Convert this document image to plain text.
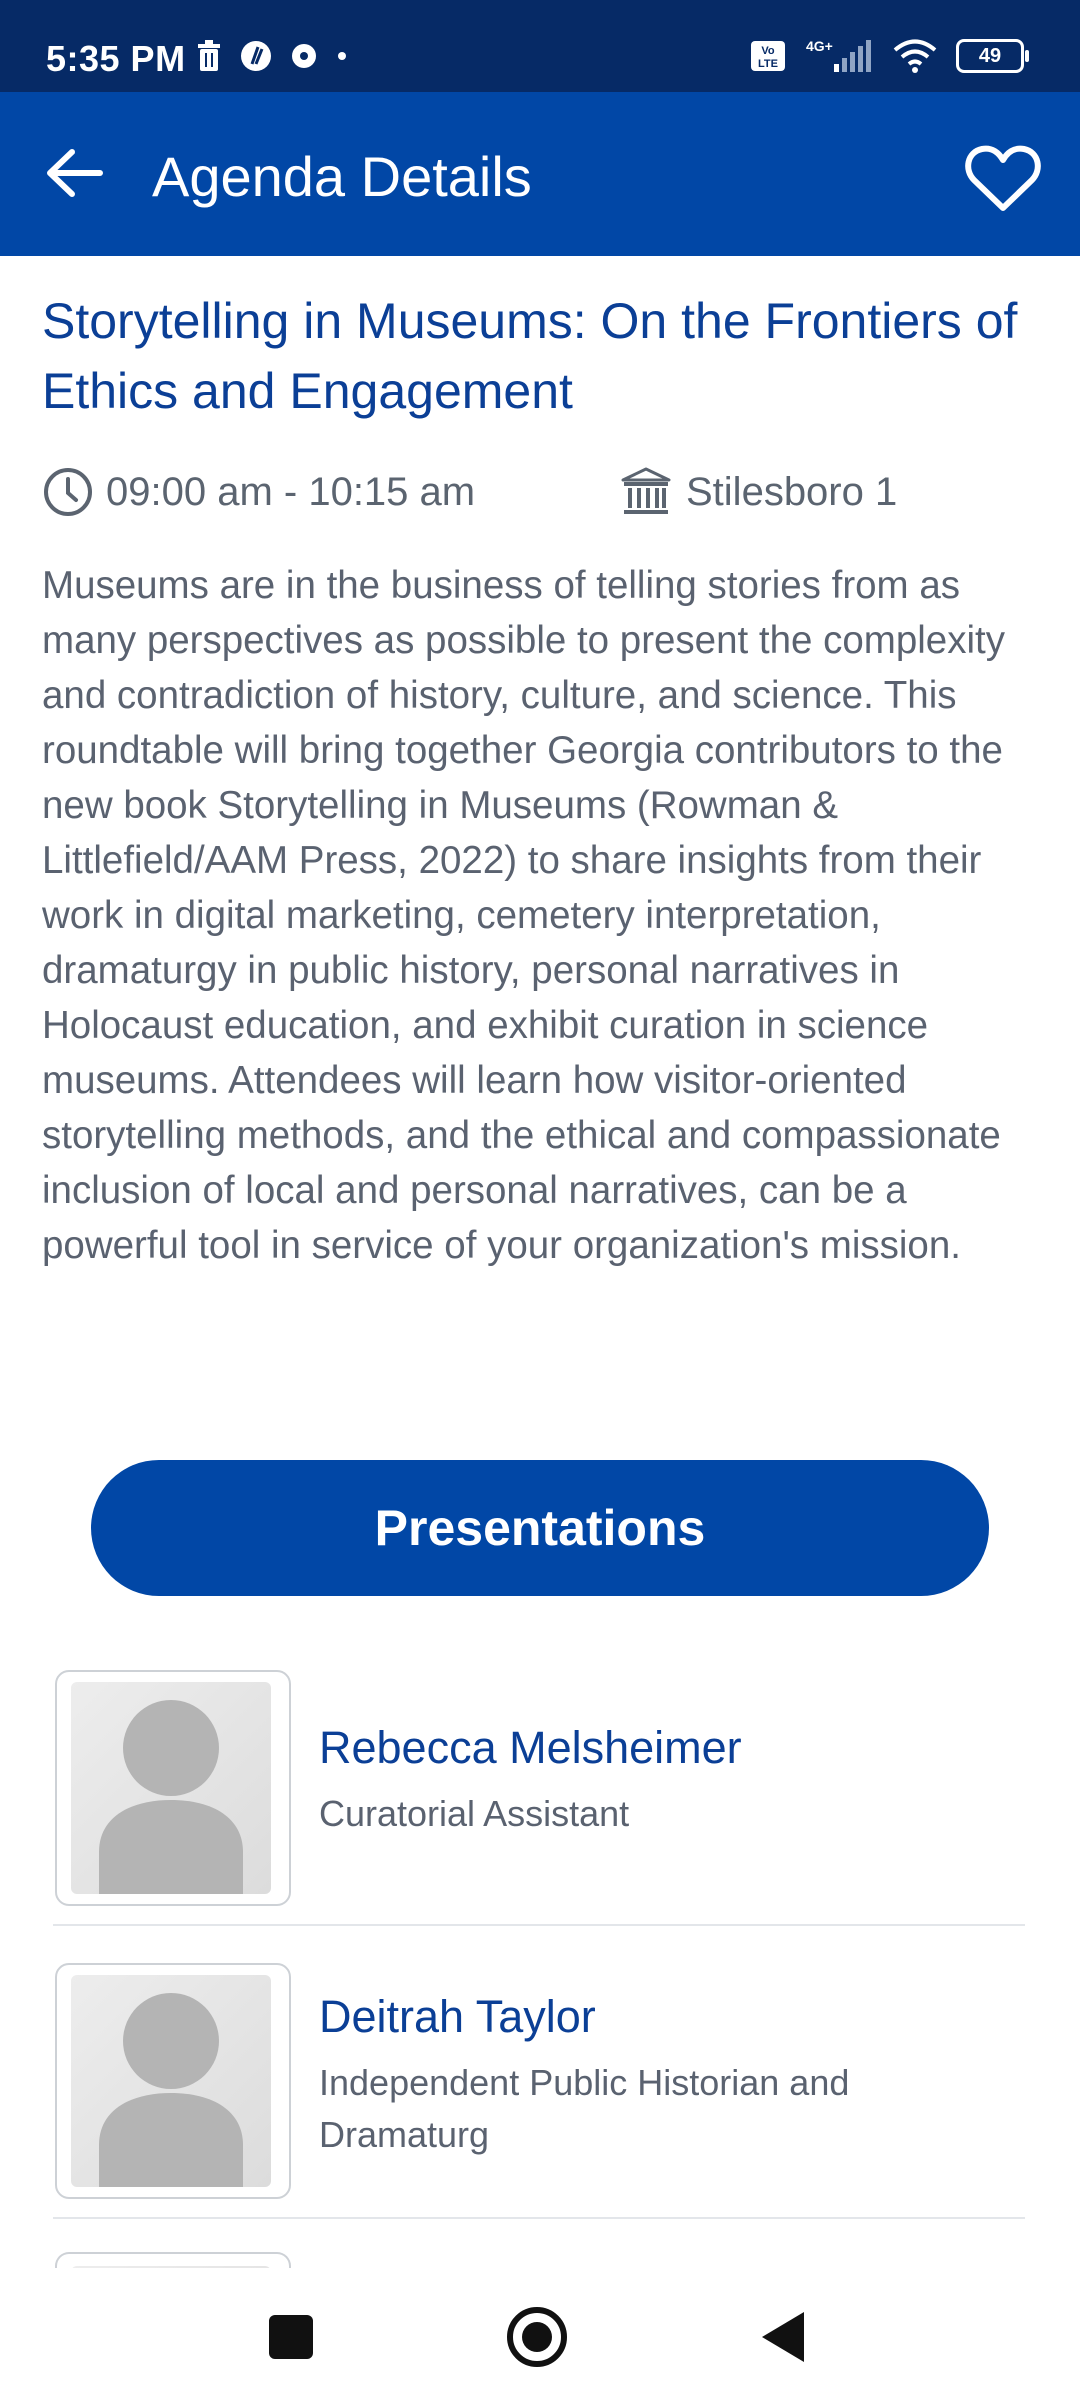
5:35 PM	Vo
LTE
4G+	49
Agenda Details
Storytelling in Museums: On the Frontiers of Ethics and Engagement
09:00 am - 10:15 am	Stilesboro 1

Museums are in the business of telling stories from as many perspectives as possible to present the complexity and contradiction of history, culture, and science. This roundtable will bring together Georgia contributors to the new book Storytelling in Museums (Rowman & Littlefield/AAM Press, 2022) to share insights from their work in digital marketing, cemetery interpretation, dramaturgy in public history, personal narratives in Holocaust education, and exhibit curation in science museums. Attendees will learn how visitor-oriented storytelling methods, and the ethical and compassionate inclusion of local and personal narratives, can be a powerful tool in service of your organization's mission.

Presentations
Rebecca Melsheimer
Curatorial Assistant
Deitrah Taylor
Independent Public Historian and Dramaturg
